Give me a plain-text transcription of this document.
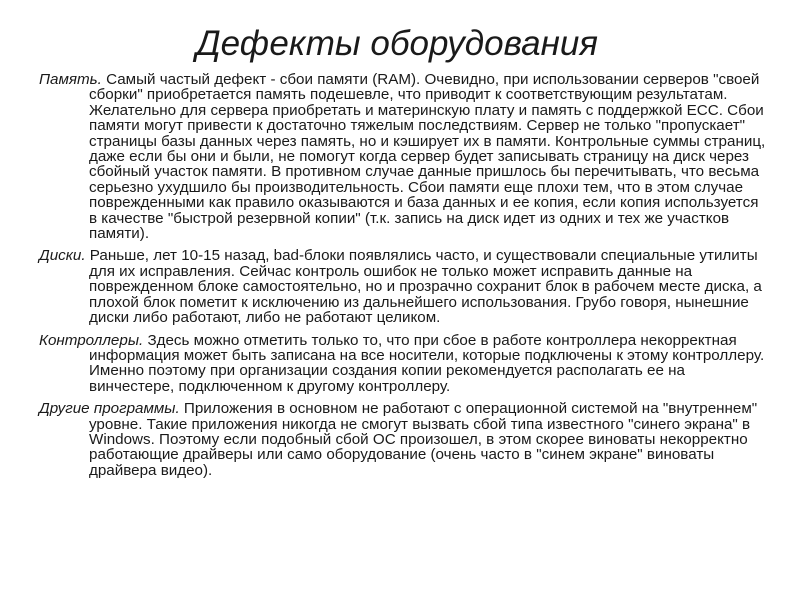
Дефекты оборудования

Память. Самый частый дефект - сбои памяти (RAM). Очевидно, при использовании серверов "своей сборки" приобретается память подешевле, что приводит к соответствующим результатам. Желательно для сервера приобретать и материнскую плату и память с поддержкой ECC. Сбои памяти могут привести к достаточно тяжелым последствиям. Сервер не только "пропускает" страницы базы данных через память, но и кэширует их в памяти. Контрольные суммы страниц, даже если бы они и были, не помогут когда сервер будет записывать страницу на диск через сбойный участок памяти. В противном случае данные пришлось бы перечитывать, что весьма серьезно ухудшило бы производительность. Сбои памяти еще плохи тем, что в этом случае поврежденными как правило оказываются и база данных и ее копия, если копия используется в качестве "быстрой резервной копии" (т.к. запись на диск идет из одних и тех же участков памяти).

Диски. Раньше, лет 10-15 назад, bad-блоки появлялись часто, и существовали специальные утилиты для их исправления. Сейчас контроль ошибок не только может исправить данные на поврежденном блоке самостоятельно, но и прозрачно сохранит блок в рабочем месте диска, а плохой блок пометит к исключению из дальнейшего использования. Грубо говоря, нынешние диски либо работают, либо не работают целиком.

Контроллеры. Здесь можно отметить только то, что при сбое в работе контроллера некорректная информация может быть записана на все носители, которые подключены к этому контроллеру. Именно поэтому при организации создания копии рекомендуется располагать ее на винчестере, подключенном к другому контроллеру.

Другие программы. Приложения в основном не работают с операционной системой на "внутреннем" уровне. Такие приложения никогда не смогут вызвать сбой типа известного "синего экрана" в Windows. Поэтому если подобный сбой ОС произошел, в этом скорее виноваты некорректно работающие драйверы или само оборудование (очень часто в "синем экране" виноваты драйвера видео).
